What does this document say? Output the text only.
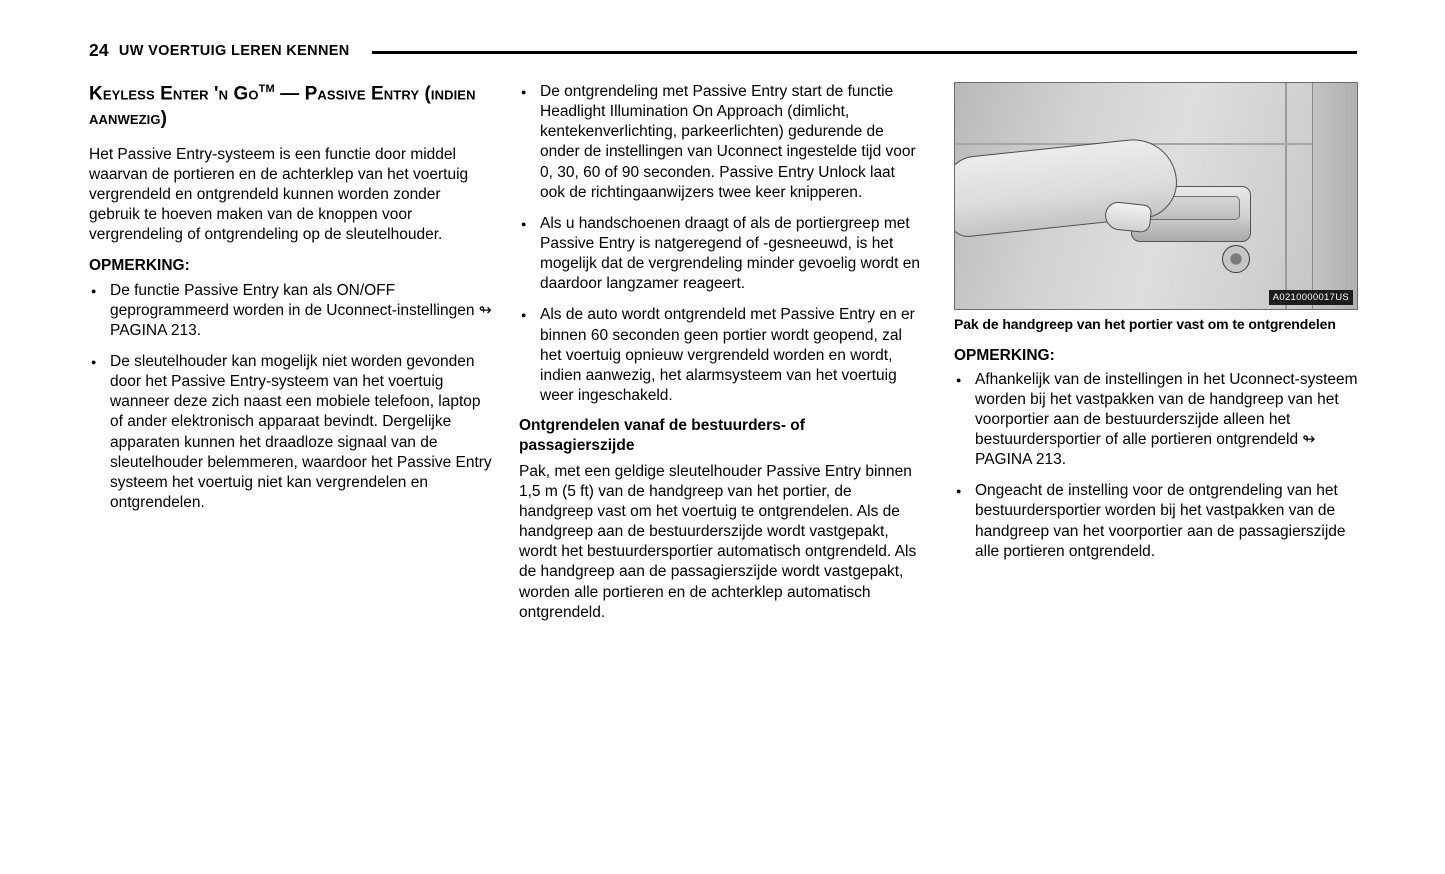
24 UW VOERTUIG LEREN KENNEN
Keyless Enter 'n Go™ — Passive Entry (indien aanwezig)

Het Passive Entry-systeem is een functie door middel waarvan de portieren en de achterklep van het voertuig vergrendeld en ontgrendeld kunnen worden zonder gebruik te hoeven maken van de knoppen voor vergrendeling of ontgrendeling op de sleutelhouder.

OPMERKING:
● De functie Passive Entry kan als ON/OFF geprogrammeerd worden in de Uconnect-instellingen ↬ PAGINA 213.
● De sleutelhouder kan mogelijk niet worden gevonden door het Passive Entry-systeem van het voertuig wanneer deze zich naast een mobiele telefoon, laptop of ander elektronisch apparaat bevindt. Dergelijke apparaten kunnen het draadloze signaal van de sleutelhouder belemmeren, waardoor het Passive Entry systeem het voertuig niet kan vergrendelen en ontgrendelen.
● De ontgrendeling met Passive Entry start de functie Headlight Illumination On Approach (dimlicht, kentekenverlichting, parkeerlichten) gedurende de onder de instellingen van Uconnect ingestelde tijd voor 0, 30, 60 of 90 seconden. Passive Entry Unlock laat ook de richtingaanwijzers twee keer knipperen.
● Als u handschoenen draagt of als de portiergreep met Passive Entry is natgeregend of -gesneeuwd, is het mogelijk dat de vergrendeling minder gevoelig wordt en daardoor langzamer reageert.
● Als de auto wordt ontgrendeld met Passive Entry en er binnen 60 seconden geen portier wordt geopend, zal het voertuig opnieuw vergrendeld worden en wordt, indien aanwezig, het alarmsysteem van het voertuig weer ingeschakeld.
Ontgrendelen vanaf de bestuurders- of passagierszijde

Pak, met een geldige sleutelhouder Passive Entry binnen 1,5 m (5 ft) van de handgreep van het portier, de handgreep vast om het voertuig te ontgrendelen. Als de handgreep aan de bestuurderszijde wordt vastgepakt, wordt het bestuurdersportier automatisch ontgrendeld. Als de handgreep aan de passagierszijde wordt vastgepakt, worden alle portieren en de achterklep automatisch ontgrendeld.

A0210000017US
Pak de handgreep van het portier vast om te ontgrendelen
OPMERKING:
● Afhankelijk van de instellingen in het Uconnect-systeem worden bij het vastpakken van de handgreep van het voorportier aan de bestuurderszijde alleen het bestuurdersportier of alle portieren ontgrendeld ↬ PAGINA 213.
● Ongeacht de instelling voor de ontgrendeling van het bestuurdersportier worden bij het vastpakken van de handgreep van het voorportier aan de passagierszijde alle portieren ontgrendeld.
